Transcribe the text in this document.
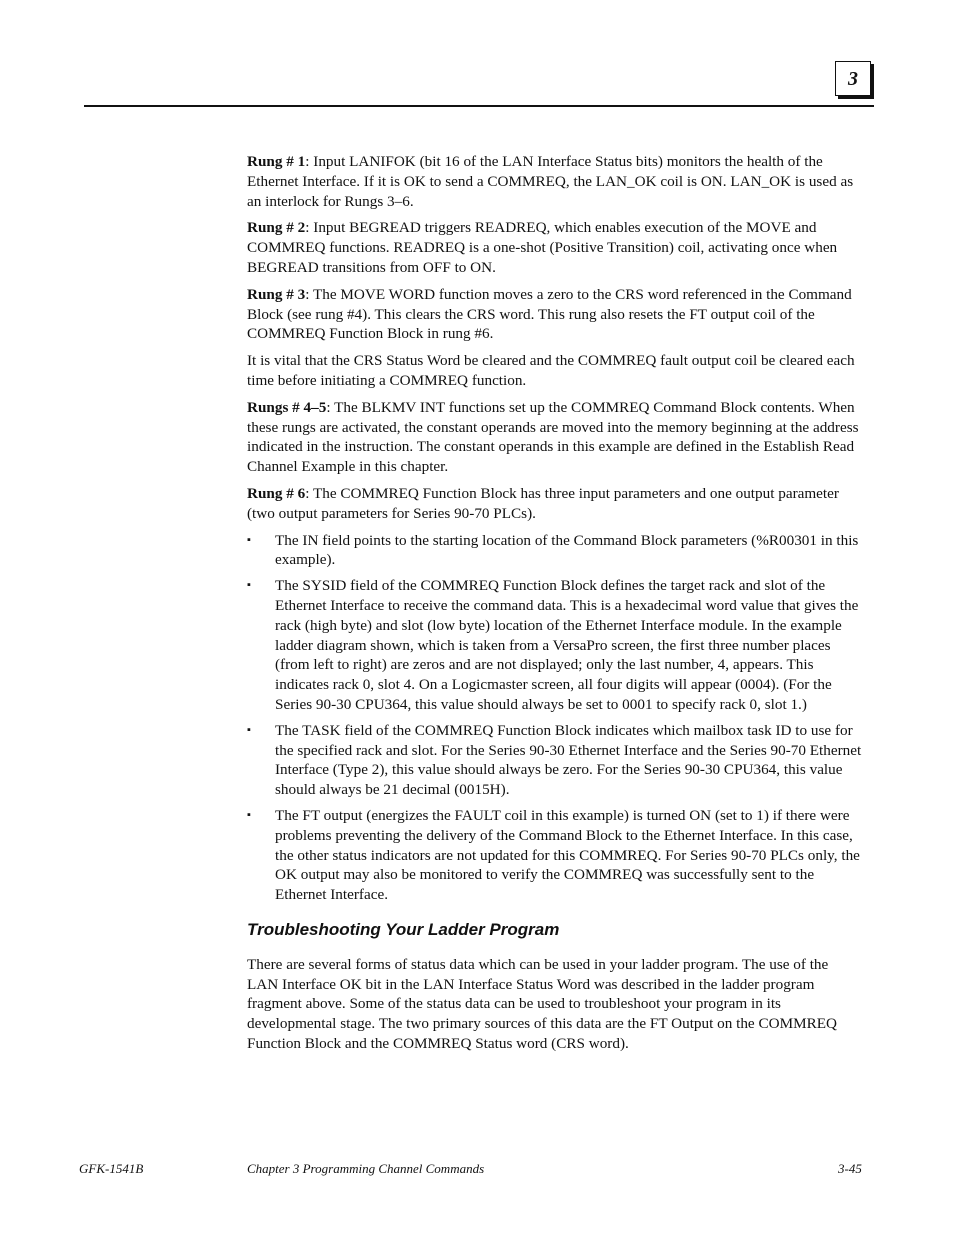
3

Rung # 1: Input LANIFOK (bit 16 of the LAN Interface Status bits) monitors the health of the Ethernet Interface. If it is OK to send a COMMREQ, the LAN_OK coil is ON. LAN_OK is used as an interlock for Rungs 3–6.

Rung # 2: Input BEGREAD triggers READREQ, which enables execution of the MOVE and COMMREQ functions. READREQ is a one-shot (Positive Transition) coil, activating once when BEGREAD transitions from OFF to ON.

Rung # 3: The MOVE WORD function moves a zero to the CRS word referenced in the Command Block (see rung #4). This clears the CRS word. This rung also resets the FT output coil of the COMMREQ Function Block in rung #6.

It is vital that the CRS Status Word be cleared and the COMMREQ fault output coil be cleared each time before initiating a COMMREQ function.

Rungs # 4–5: The BLKMV INT functions set up the COMMREQ Command Block contents. When these rungs are activated, the constant operands are moved into the memory beginning at the address indicated in the instruction. The constant operands in this example are defined in the Establish Read Channel Example in this chapter.

Rung # 6: The COMMREQ Function Block has three input parameters and one output parameter (two output parameters for Series 90-70 PLCs).

▪ The IN field points to the starting location of the Command Block parameters (%R00301 in this example).
▪ The SYSID field of the COMMREQ Function Block defines the target rack and slot of the Ethernet Interface to receive the command data. This is a hexadecimal word value that gives the rack (high byte) and slot (low byte) location of the Ethernet Interface module. In the example ladder diagram shown, which is taken from a VersaPro screen, the first three number places (from left to right) are zeros and are not displayed; only the last number, 4, appears. This indicates rack 0, slot 4. On a Logicmaster screen, all four digits will appear (0004). (For the Series 90-30 CPU364, this value should always be set to 0001 to specify rack 0, slot 1.)
▪ The TASK field of the COMMREQ Function Block indicates which mailbox task ID to use for the specified rack and slot. For the Series 90-30 Ethernet Interface and the Series 90-70 Ethernet Interface (Type 2), this value should always be zero. For the Series 90-30 CPU364, this value should always be 21 decimal (0015H).
▪ The FT output (energizes the FAULT coil in this example) is turned ON (set to 1) if there were problems preventing the delivery of the Command Block to the Ethernet Interface. In this case, the other status indicators are not updated for this COMMREQ. For Series 90-70 PLCs only, the OK output may also be monitored to verify the COMMREQ was successfully sent to the Ethernet Interface.
Troubleshooting Your Ladder Program

There are several forms of status data which can be used in your ladder program. The use of the LAN Interface OK bit in the LAN Interface Status Word was described in the ladder program fragment above. Some of the status data can be used to troubleshoot your program in its developmental stage. The two primary sources of this data are the FT Output on the COMMREQ Function Block and the COMMREQ Status word (CRS word).

GFK-1541B	Chapter 3 Programming Channel Commands	3-45
